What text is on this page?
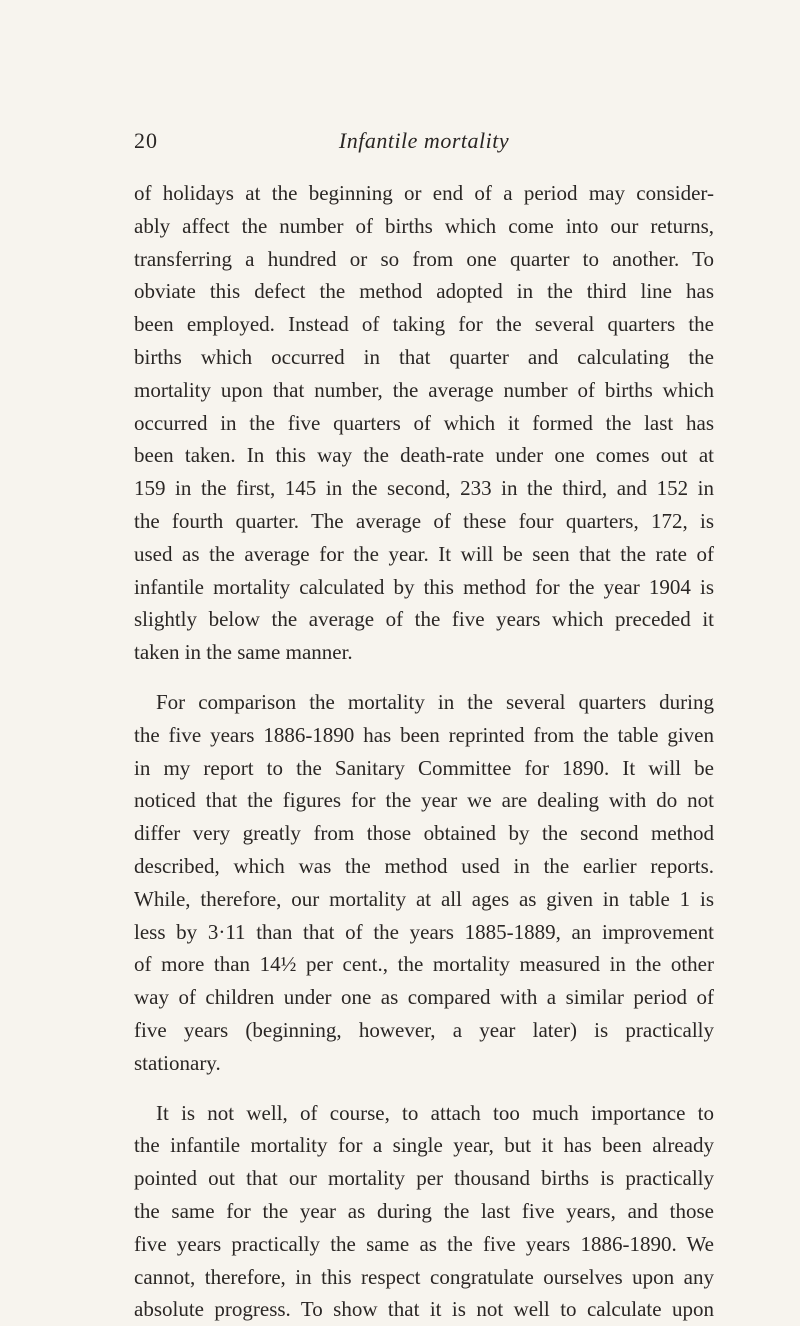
20	Infantile mortality
of holidays at the beginning or end of a period may consider-
ably affect the number of births which come into our returns,
transferring a hundred or so from one quarter to another. To
obviate this defect the method adopted in the third line has
been employed. Instead of taking for the several quarters the
births which occurred in that quarter and calculating the
mortality upon that number, the average number of births which
occurred in the five quarters of which it formed the last has
been taken. In this way the death-rate under one comes out at
159 in the first, 145 in the second, 233 in the third, and 152 in
the fourth quarter. The average of these four quarters, 172, is
used as the average for the year. It will be seen that the rate of
infantile mortality calculated by this method for the year 1904 is
slightly below the average of the five years which preceded it
taken in the same manner.
For comparison the mortality in the several quarters during
the five years 1886-1890 has been reprinted from the table given
in my report to the Sanitary Committee for 1890. It will be
noticed that the figures for the year we are dealing with do not
differ very greatly from those obtained by the second method
described, which was the method used in the earlier reports.
While, therefore, our mortality at all ages as given in table 1 is
less by 3·11 than that of the years 1885-1889, an improvement
of more than 14½ per cent., the mortality measured in the other
way of children under one as compared with a similar period of
five years (beginning, however, a year later) is practically
stationary.
It is not well, of course, to attach too much importance to
the infantile mortality for a single year, but it has been already
pointed out that our mortality per thousand births is practically
the same for the year as during the last five years, and those
five years practically the same as the five years 1886-1890. We
cannot, therefore, in this respect congratulate ourselves upon any
absolute progress. To show that it is not well to calculate upon
